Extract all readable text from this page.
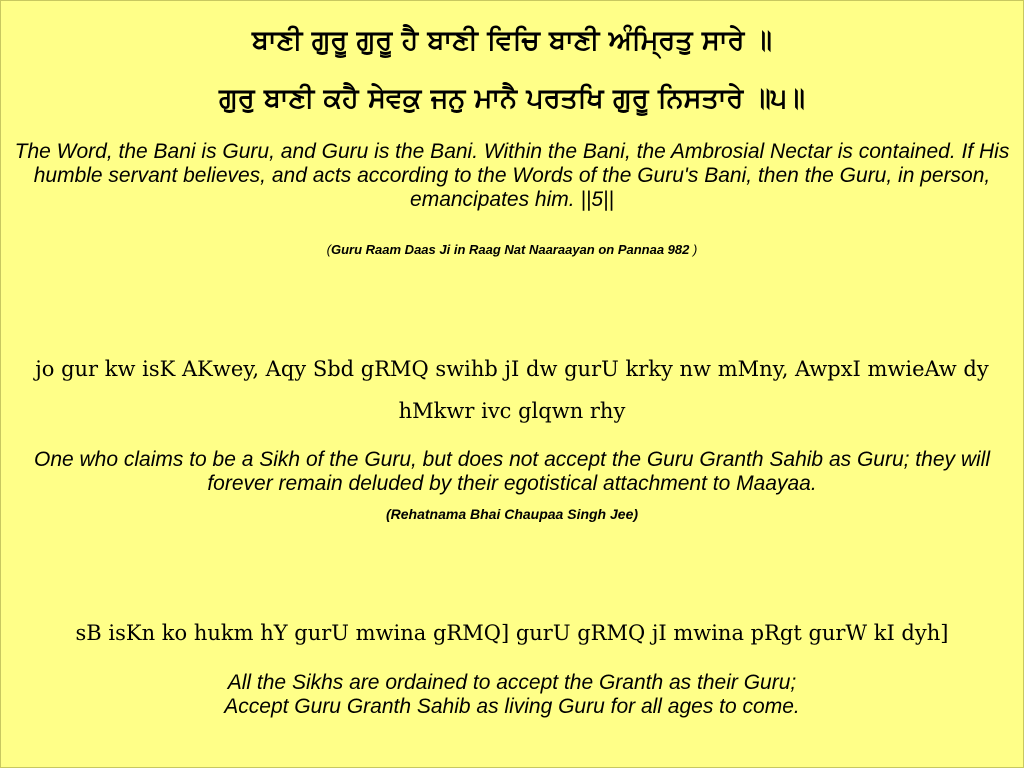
ਬਾਣੀ ਗੁਰੂ ਗੁਰੂ ਹੈ ਬਾਣੀ ਵਿਚਿ ਬਾਣੀ ਅੰਮ੍ਰਿਤੁ ਸਾਰੇ ॥
ਗੁਰੁ ਬਾਣੀ ਕਹੈ ਸੇਵਕੁ ਜਨੁ ਮਾਨੈ ਪਰਤਖਿ ਗੁਰੂ ਨਿਸਤਾਰੇ ॥੫॥
The Word, the Bani is Guru, and Guru is the Bani. Within the Bani, the Ambrosial Nectar is contained. If His humble servant believes, and acts according to the Words of the Guru's Bani, then the Guru, in person, emancipates him. ||5||
(Guru Raam Daas Ji in Raag Nat Naaraayan on Pannaa 982 )
jo gur kw isK AKwey, Aqy Sbd gRMQ swihb jI dw gurU krky nw mMny, AwpxI mwieAw dy hMkwr ivc glqwn rhy
One who claims to be a Sikh of the Guru, but does not accept the Guru Granth Sahib as Guru; they will forever remain deluded by their egotistical attachment to Maayaa.
(Rehatnama Bhai Chaupaa Singh Jee)
sB isKn ko hukm hY gurU mwina gRMQ] gurU gRMQ jI mwina pRgt gurW kI dyh]
All the Sikhs are ordained to accept the Granth as their Guru;
Accept Guru Granth Sahib as living Guru for all ages to come.
